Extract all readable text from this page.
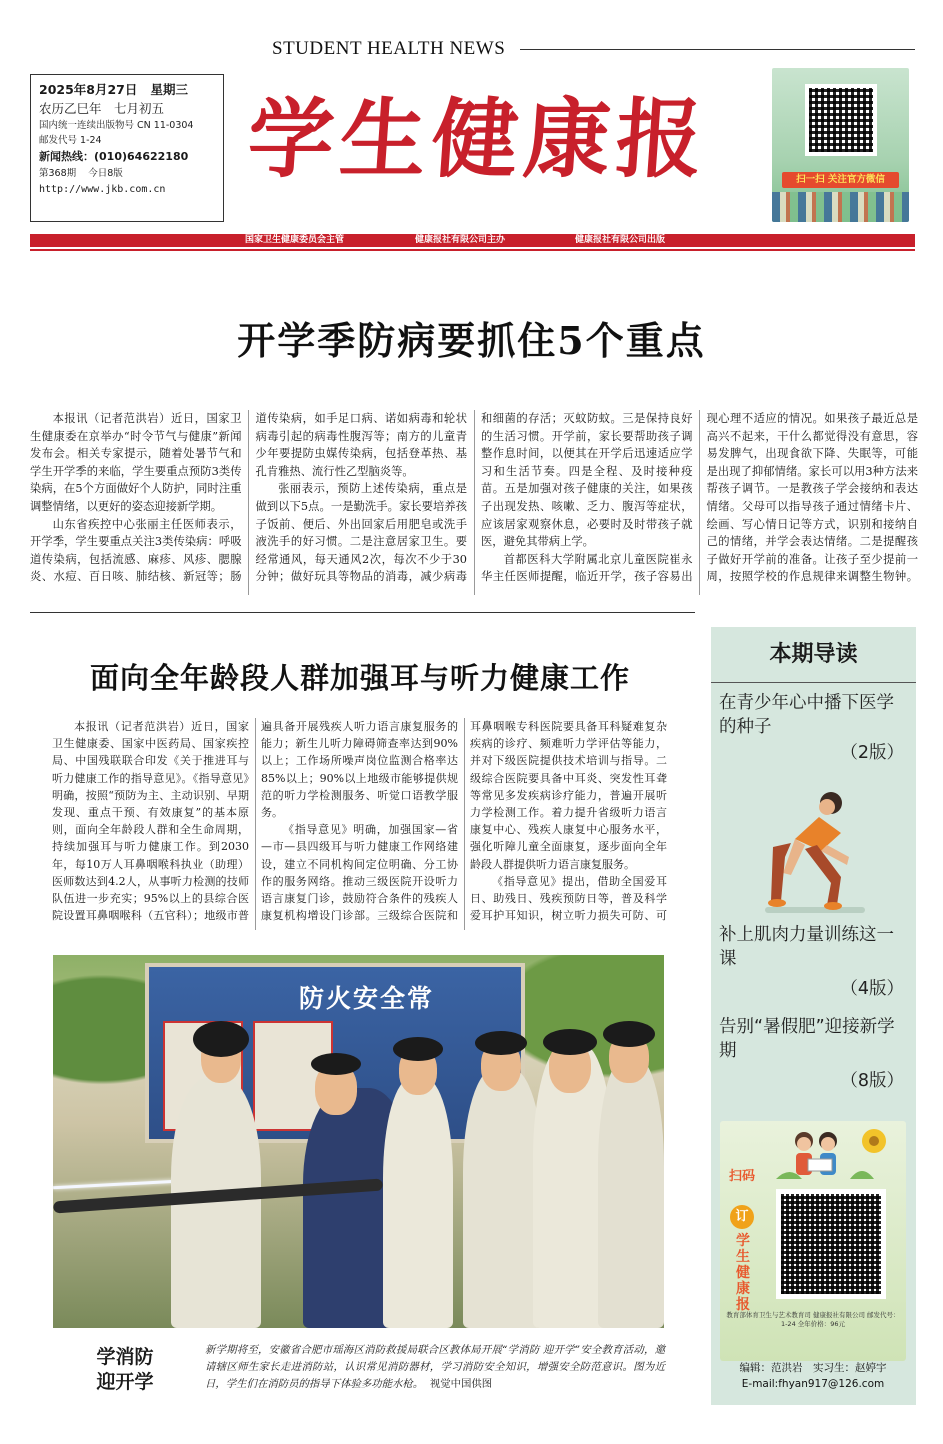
STUDENT HEALTH NEWS
2025年8月27日 星期三
农历乙巳年　七月初五
国内统一连续出版物号 CN 11-0304
邮发代号 1-24
新闻热线：(010)64622180
第368期 今日8版
http://www.jkb.com.cn 学生健康报	扫一扫 关注官方微信
国家卫生健康委员会主管	健康报社有限公司主办	健康报社有限公司出版
开学季防病要抓住5个重点

本报讯（记者范洪岩）近日，国家卫生健康委在京举办“时令节气与健康”新闻发布会。相关专家提示，随着处暑节气和学生开学季的来临，学生要重点预防3类传染病，在5个方面做好个人防护，同时注重调整情绪，以更好的姿态迎接新学期。

山东省疾控中心张丽主任医师表示，开学季，学生要重点关注3类传染病：呼吸道传染病，包括流感、麻疹、风疹、腮腺炎、水痘、百日咳、肺结核、新冠等；肠道传染病，如手足口病、诺如病毒和轮状病毒引起的病毒性腹泻等；南方的儿童青少年要提防虫媒传染病，包括登革热、基孔肯雅热、流行性乙型脑炎等。

张丽表示，预防上述传染病，重点是做到以下5点。一是勤洗手。家长要培养孩子饭前、便后、外出回家后用肥皂或洗手液洗手的好习惯。二是注意居家卫生。要经常通风，每天通风2次，每次不少于30分钟；做好玩具等物品的消毒，减少病毒和细菌的存活；灭蚊防蚊。三是保持良好的生活习惯。开学前，家长要帮助孩子调整作息时间，以便其在开学后迅速适应学习和生活节奏。四是全程、及时接种疫苗。五是加强对孩子健康的关注，如果孩子出现发热、咳嗽、乏力、腹泻等症状，应该居家观察休息，必要时及时带孩子就医，避免其带病上学。

首都医科大学附属北京儿童医院崔永华主任医师提醒，临近开学，孩子容易出现心理不适应的情况。如果孩子最近总是高兴不起来，干什么都觉得没有意思，容易发脾气，出现食欲下降、失眠等，可能是出现了抑郁情绪。家长可以用3种方法来帮孩子调节。一是教孩子学会接纳和表达情绪。父母可以指导孩子通过情绪卡片、绘画、写心情日记等方式，识别和接纳自己的情绪，并学会表达情绪。二是提醒孩子做好开学前的准备。让孩子至少提前一周，按照学校的作息规律来调整生物钟。

面向全年龄段人群加强耳与听力健康工作

本报讯（记者范洪岩）近日，国家卫生健康委、国家中医药局、国家疾控局、中国残联联合印发《关于推进耳与听力健康工作的指导意见》。《指导意见》明确，按照“预防为主、主动识别、早期发现、重点干预、有效康复”的基本原则，面向全年龄段人群和全生命周期，持续加强耳与听力健康工作。到2030年，每10万人耳鼻咽喉科执业（助理）医师数达到4.2人，从事听力检测的技师队伍进一步充实；95%以上的县综合医院设置耳鼻咽喉科（五官科）；地级市普遍具备开展残疾人听力语言康复服务的能力；新生儿听力障碍筛查率达到90%以上；工作场所噪声岗位监测合格率达85%以上；90%以上地级市能够提供规范的听力学检测服务、听觉口语教学服务。

《指导意见》明确，加强国家—省—市—县四级耳与听力健康工作网络建设，建立不同机构间定位明确、分工协作的服务网络。推动三级医院开设听力语言康复门诊，鼓励符合条件的残疾人康复机构增设门诊部。三级综合医院和耳鼻咽喉专科医院要具备耳科疑难复杂疾病的诊疗、频难听力学评估等能力，并对下级医院提供技术培训与指导。二级综合医院要具备中耳炎、突发性耳聋等常见多发疾病诊疗能力，普遍开展听力学检测工作。着力提升省级听力语言康复中心、残疾人康复中心服务水平，强化听障儿童全面康复，逐步面向全年龄段人群提供听力语言康复服务。

《指导意见》提出，借助全国爱耳日、助残日、残疾预防日等，普及科学爱耳护耳知识，树立听力损失可防、可

防火安全常
学消防
迎开学
新学期将至，安徽省合肥市瑶海区消防救援局联合区教体局开展“学消防 迎开学”安全教育活动，邀请辖区师生家长走进消防站，认识常见消防器材，学习消防安全知识，增强安全防范意识。图为近日，学生们在消防员的指导下体验多功能水枪。 视觉中国供图
本期导读
在青少年心中播下医学的种子
（2版）
补上肌肉力量训练这一课
（4版）
告别“暑假肥”迎接新学期
（8版）
扫码
订
学生健康报
教育部体育卫生与艺术教育司 健康报社有限公司 邮发代号：1-24 全年价格：96元
编辑：范洪岩　实习生：赵婷宇
E-mail:fhyan917@126.com
